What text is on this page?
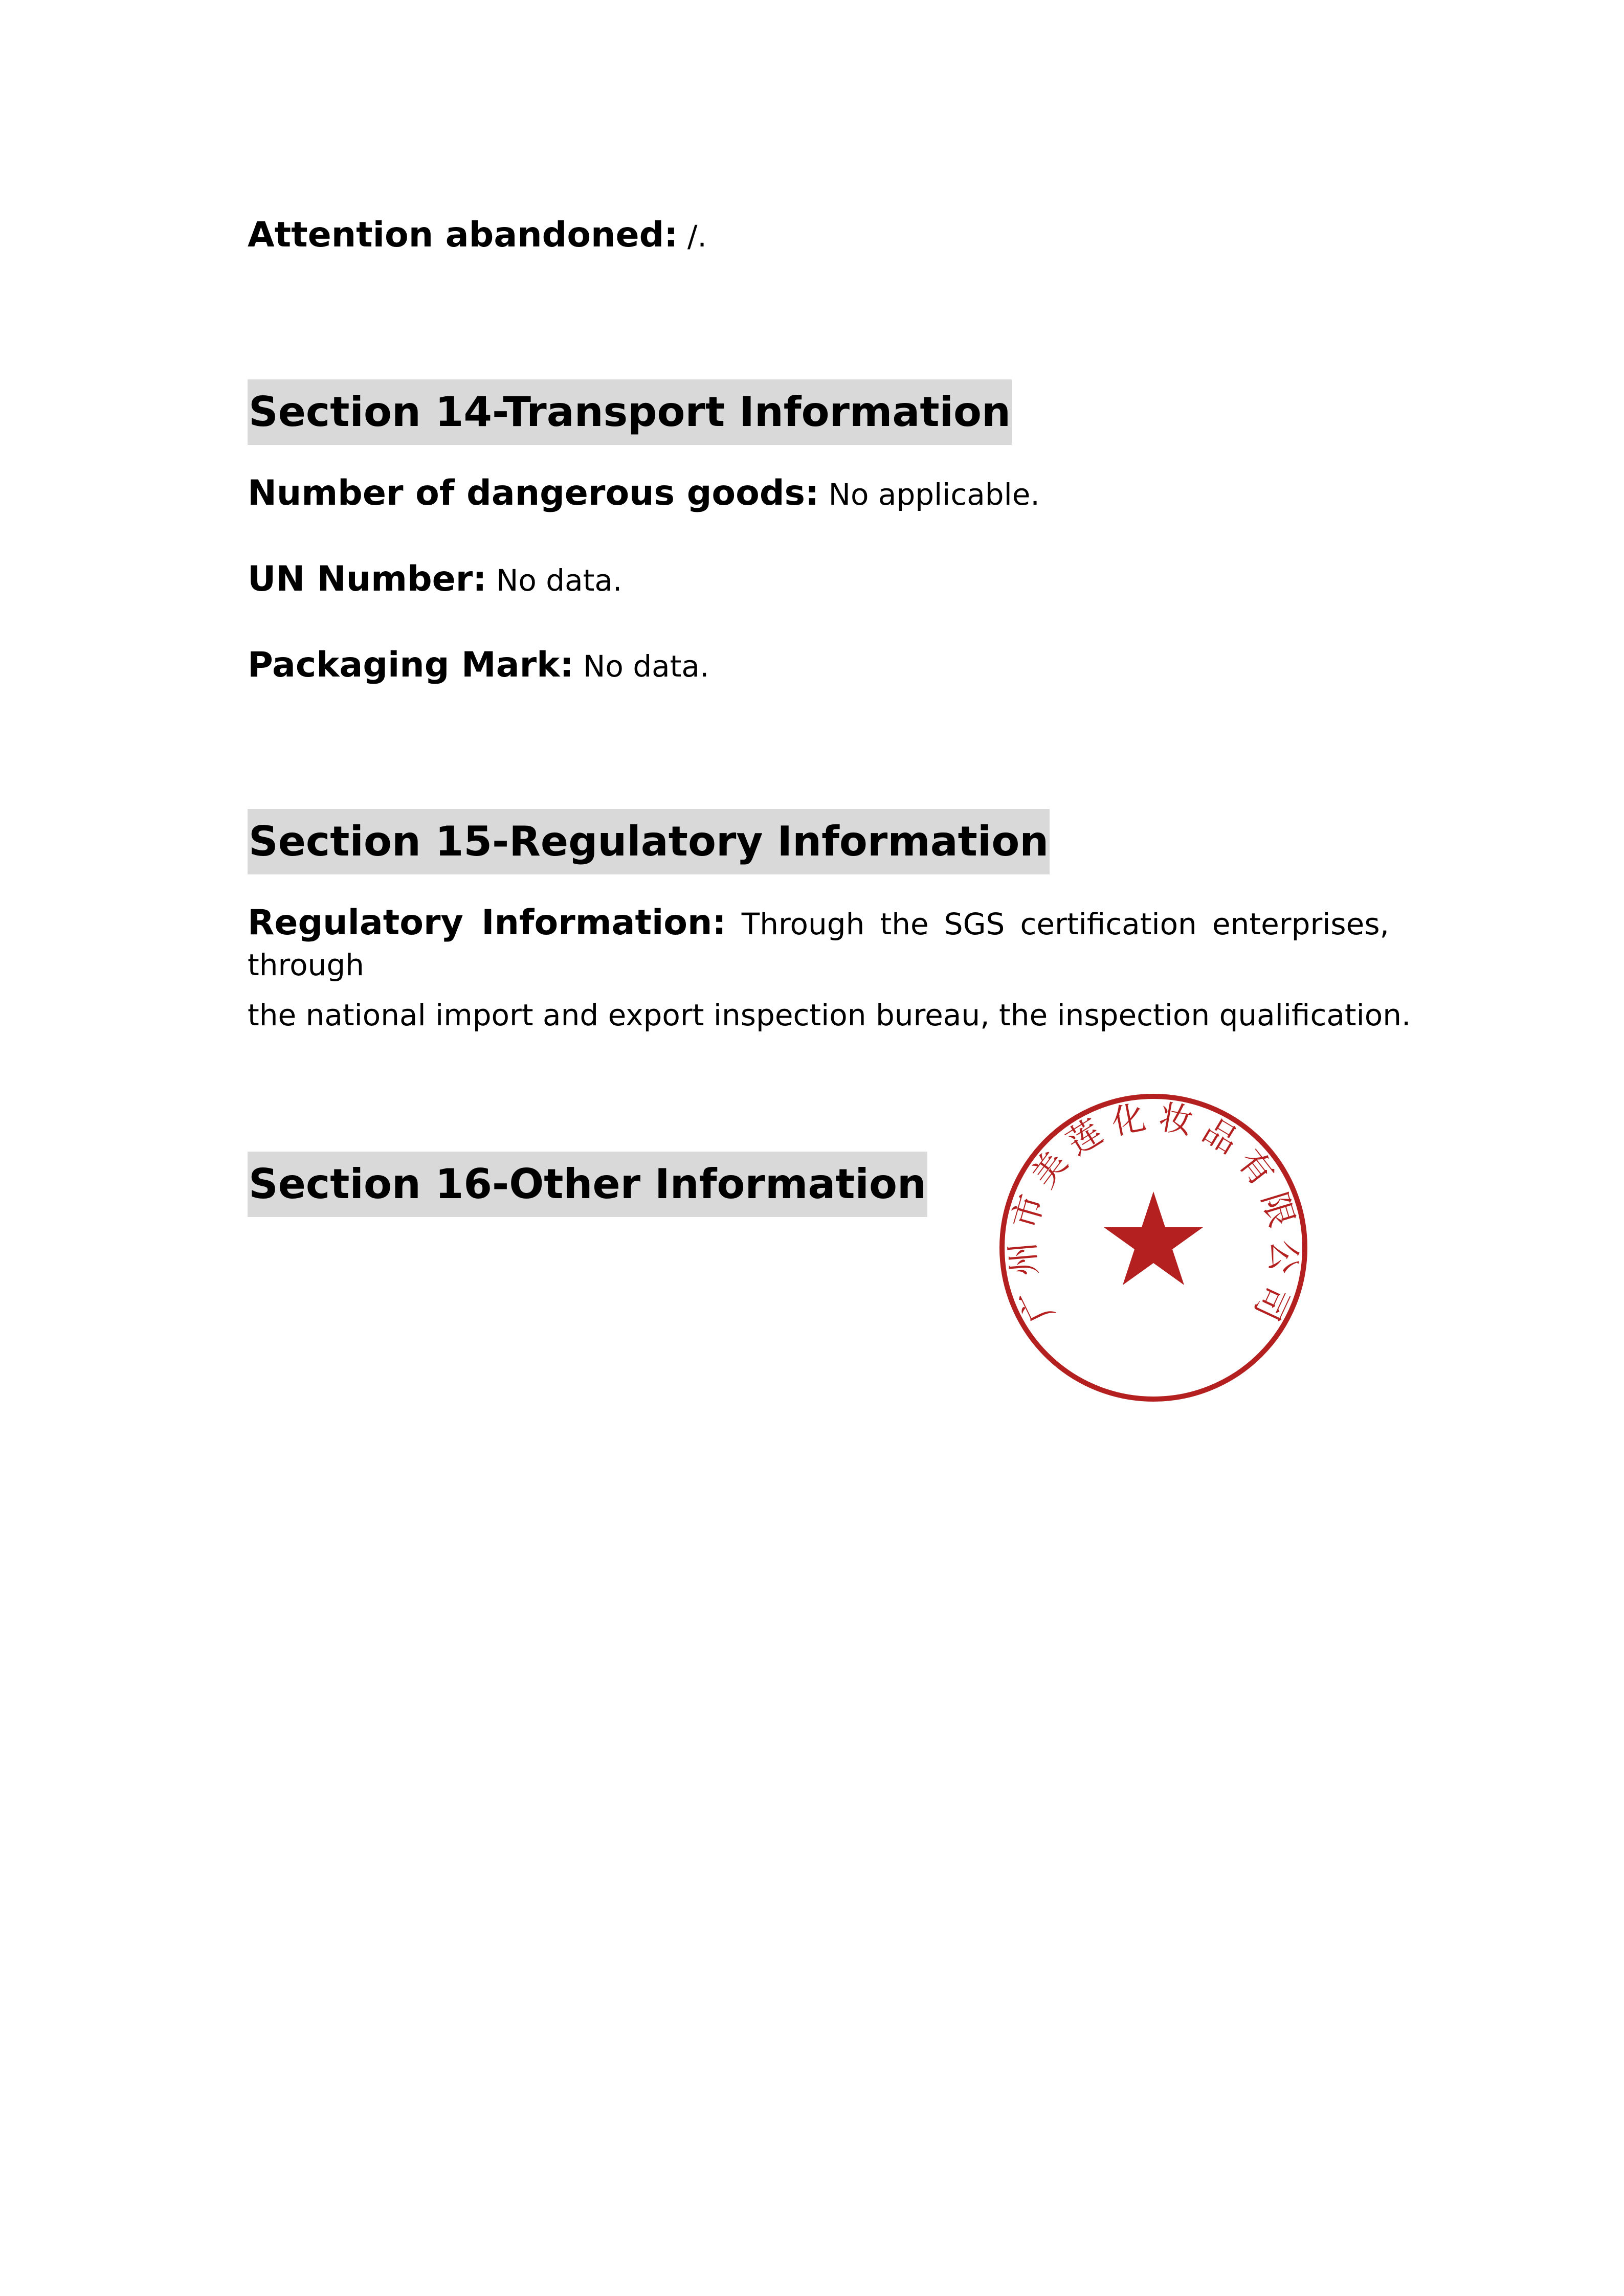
Attention abandoned: /.

Section 14-Transport Information

Number of dangerous goods: No applicable.

UN Number: No data.

Packaging Mark: No data.

Section 15-Regulatory Information

Regulatory Information: Through the SGS certification enterprises, through

the national import and export inspection bureau, the inspection qualification.

Section 16-Other Information
广
州
市
美
莲
化 妆 品
有
限
公
司
